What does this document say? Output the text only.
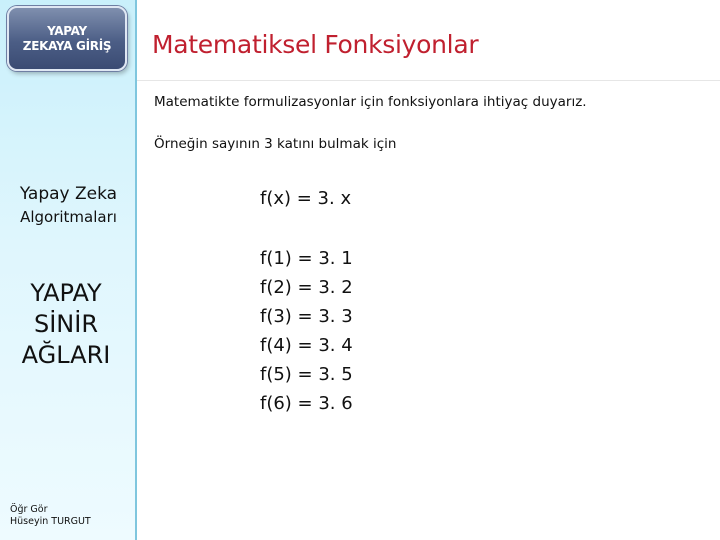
YAPAY
ZEKAYA GİRİŞ
Yapay Zeka
Algoritmaları
YAPAY
SİNİR
AĞLARI
Öğr Gör
Hüseyin TURGUT
Matematiksel Fonksiyonlar
Matematikte formulizasyonlar için fonksiyonlara ihtiyaç duyarız.
Örneğin sayının 3 katını bulmak için
f(x) = 3. x
f(1) = 3. 1
f(2) = 3. 2
f(3) = 3. 3
f(4) = 3. 4
f(5) = 3. 5
f(6) = 3. 6
